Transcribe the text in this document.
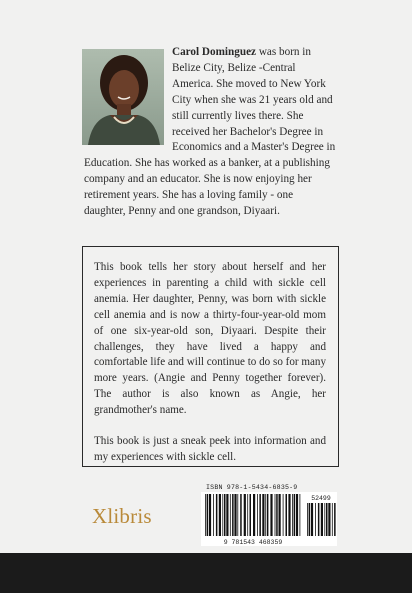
Carol Dominguez was born in Belize City, Belize -Central America. She moved to New York City when she was 21 years old and still currently lives there. She received her Bachelor's Degree in Economics and a Master's Degree in Education. She has worked as a banker, at a publishing company and an educator. She is now enjoying her retirement years. She has a loving family - one daughter, Penny and one grandson, Diyaari.

This book tells her story about herself and her experiences in parenting a child with sickle cell anemia. Her daughter, Penny, was born with sickle cell anemia and is now a thirty-four-year-old mom of one six-year-old son, Diyaari. Despite their challenges, they have lived a happy and comfortable life and will continue to do so for many more years. (Angie and Penny together forever). The author is also known as Angie, her grandmother's name.

This book is just a sneak peek into information and my experiences with sickle cell.

Xlibris
ISBN 978-1-5434-6835-9
52499
9 781543 468359
